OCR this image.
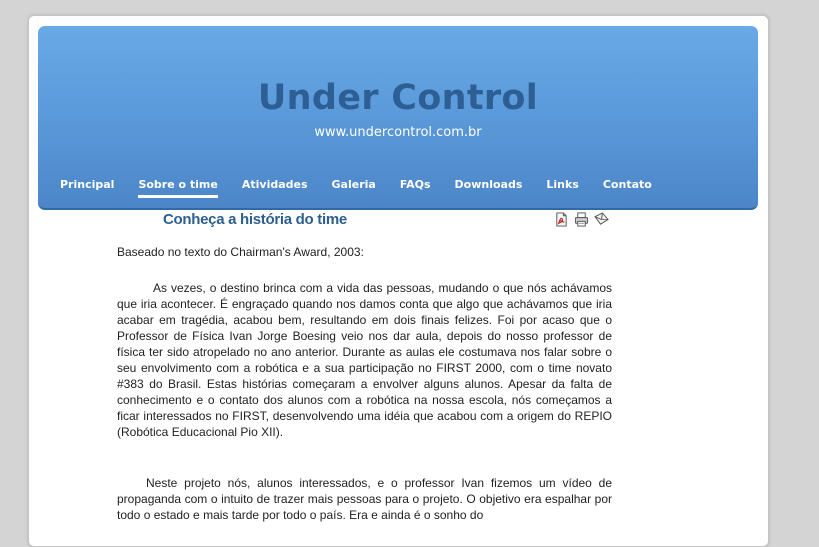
Under Control
www.undercontrol.com.br
Principal Sobre o time Atividades Galeria FAQs Downloads Links Contato
Conheça a história do time
Baseado no texto do Chairman's Award, 2003:

As vezes, o destino brinca com a vida das pessoas, mudando o que nós achávamos que iria acontecer. É engraçado quando nos damos conta que algo que achávamos que iria acabar em tragédia, acabou bem, resultando em dois finais felizes. Foi por acaso que o Professor de Física Ivan Jorge Boesing veio nos dar aula, depois do nosso professor de física ter sido atropelado no ano anterior. Durante as aulas ele costumava nos falar sobre o seu envolvimento com a robótica e a sua participação no FIRST 2000, com o time novato #383 do Brasil. Estas histórias começaram a envolver alguns alunos. Apesar da falta de conhecimento e o contato dos alunos com a robótica na nossa escola, nós começamos a ficar interessados no FIRST, desenvolvendo uma idéia que acabou com a origem do REPIO (Robótica Educacional Pio XII).

Neste projeto nós, alunos interessados, e o professor Ivan fizemos um vídeo de propaganda com o intuito de trazer mais pessoas para o projeto. O objetivo era espalhar por todo o estado e mais tarde por todo o país. Era e ainda é o sonho do
